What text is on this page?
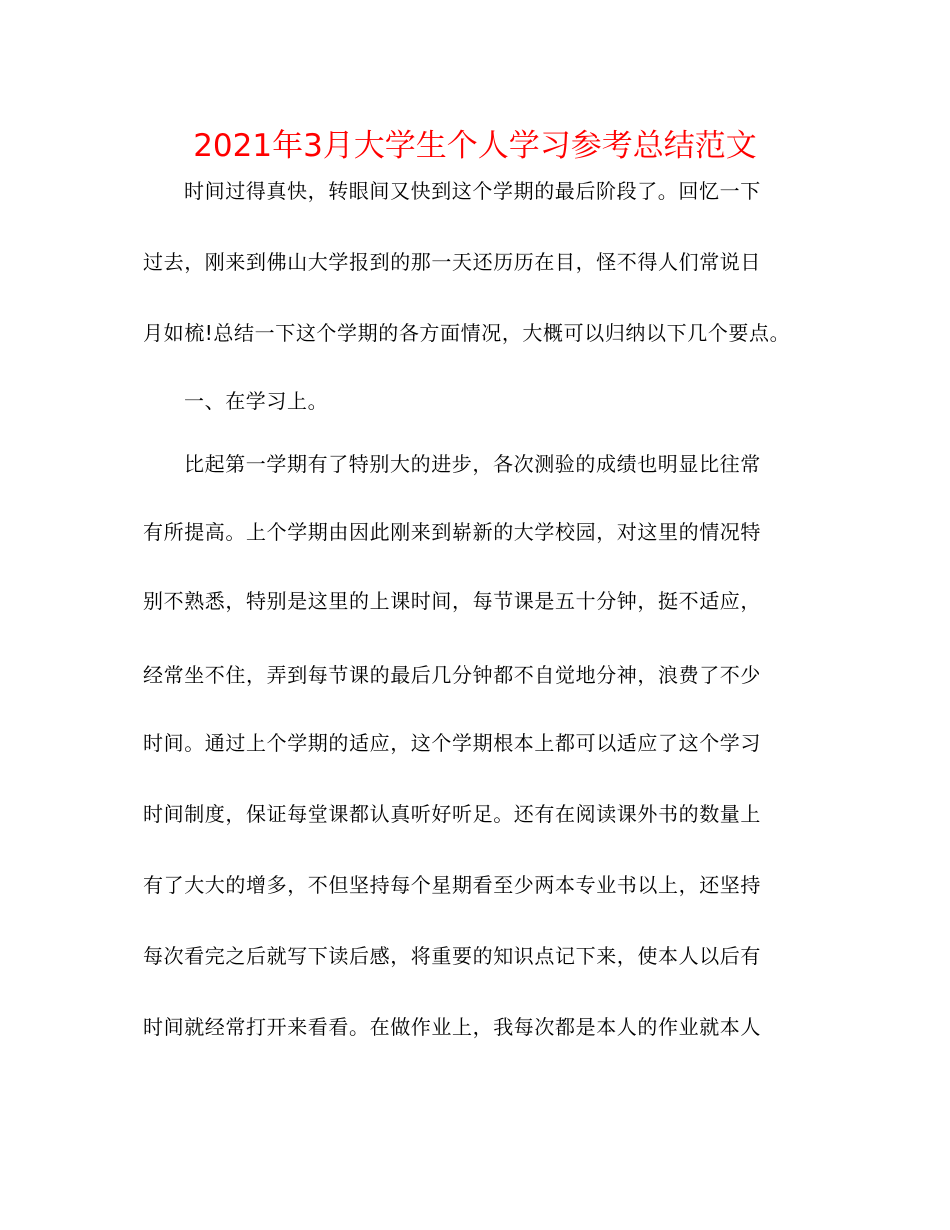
2021年3月大学生个人学习参考总结范文
时间过得真快，转眼间又快到这个学期的最后阶段了。回忆一下
过去，刚来到佛山大学报到的那一天还历历在目，怪不得人们常说日
月如梳!总结一下这个学期的各方面情况，大概可以归纳以下几个要点。
一、在学习上。
比起第一学期有了特别大的进步，各次测验的成绩也明显比往常
有所提高。上个学期由因此刚来到崭新的大学校园，对这里的情况特
别不熟悉，特别是这里的上课时间，每节课是五十分钟，挺不适应，
经常坐不住，弄到每节课的最后几分钟都不自觉地分神，浪费了不少
时间。通过上个学期的适应，这个学期根本上都可以适应了这个学习
时间制度，保证每堂课都认真听好听足。还有在阅读课外书的数量上
有了大大的增多，不但坚持每个星期看至少两本专业书以上，还坚持
每次看完之后就写下读后感，将重要的知识点记下来，使本人以后有
时间就经常打开来看看。在做作业上，我每次都是本人的作业就本人
